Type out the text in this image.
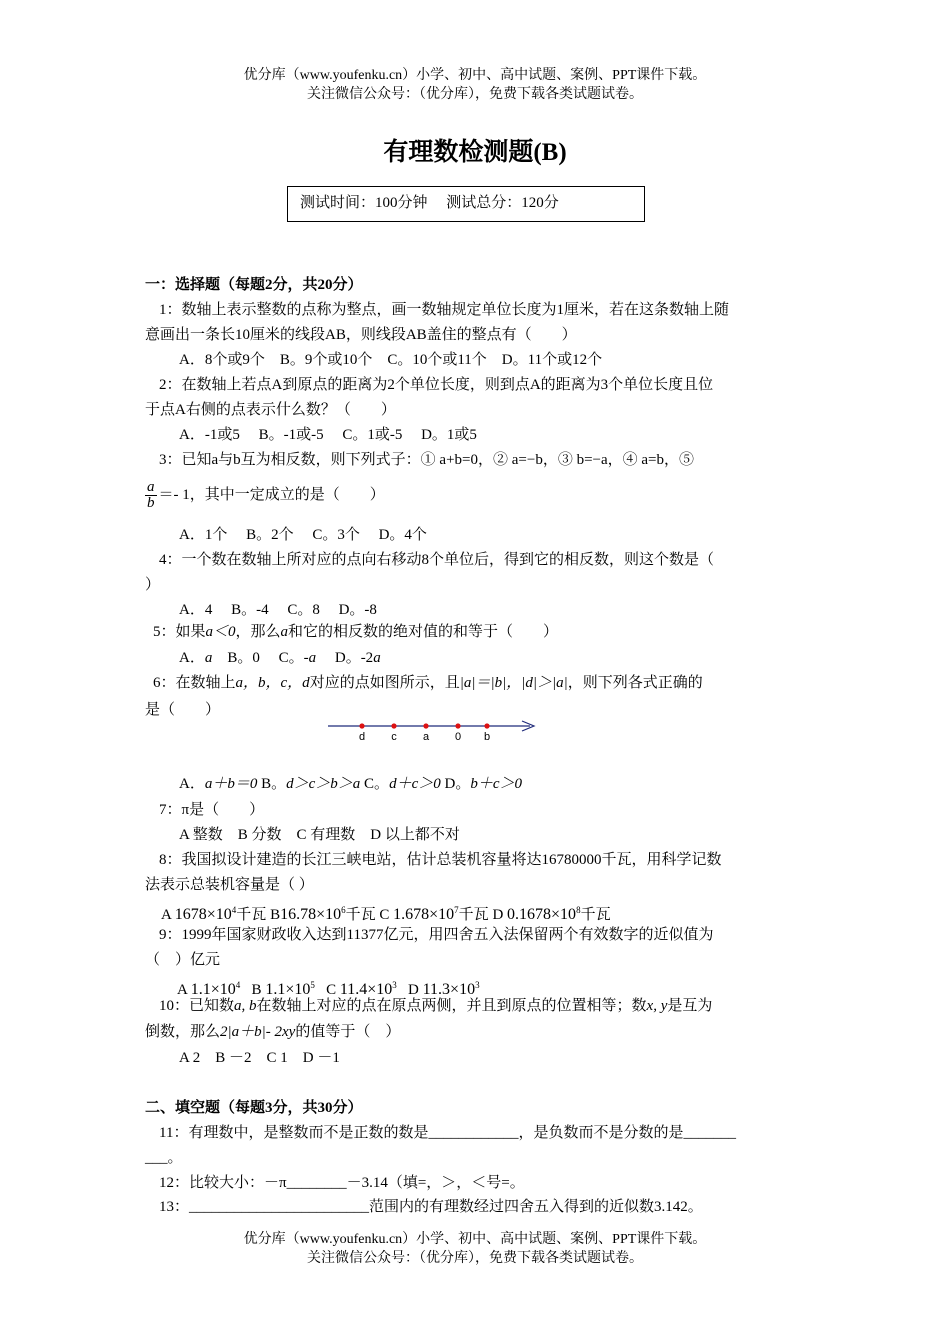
优分库（www.youfenku.cn）小学、初中、高中试题、案例、PPT课件下载。
关注微信公众号：（优分库），免费下载各类试题试卷。
有理数检测题(B)
测试时间：100分钟　 测试总分：120分
一：选择题（每题2分，共20分）
1：数轴上表示整数的点称为整点，画一数轴规定单位长度为1厘米，若在这条数轴上随
意画出一条长10厘米的线段AB，则线段AB盖住的整点有（　　）
A．8个或9个　B。9个或10个　C。10个或11个　D。11个或12个
2：在数轴上若点A到原点的距离为2个单位长度，则到点A的距离为3个单位长度且位
于点A右侧的点表示什么数？（　　）
A．-1或5　 B。-1或-5　 C。1或-5　 D。1或5
3：已知a与b互为相反数，则下列式子：① a+b=0，② a=−b，③ b=−a，④ a=b，⑤
$\frac{a}{b} =- 1$，其中一定成立的是（　　）
A．1个　 B。2个　 C。3个　 D。4个
4：一个数在数轴上所对应的点向右移动8个单位后，得到它的相反数，则这个数是（
）
A．4　 B。-4　 C。8　 D。-8
5：如果a＜0，那么a和它的相反数的绝对值的和等于（　　）
A．a　B。0　 C。-a　 D。-2a
6：在数轴上a，b，c，d对应的点如图所示，且|a|＝|b|，|d|＞|a|，则下列各式正确的
是（　　）
A．a＋b＝0 B。d＞c＞b＞a C。d＋c＞0 D。b＋c＞0
7：π是（　　）
A 整数　B 分数　C 有理数　D 以上都不对
8：我国拟设计建造的长江三峡电站，估计总装机容量将达16780000千瓦，用科学记数
法表示总装机容量是（ ）
A $1678\times 10^4$千瓦 $B16.78\times 10^6$千瓦 C $1.678\times 10^7$千瓦 D $0.1678\times 10^8$千瓦
9：1999年国家财政收入达到11377亿元，用四舍五入法保留两个有效数字的近似值为
（　）亿元
A $1.1\times 10^4$ B $1.1\times 10^5$ C $11.4\times 10^3$ D $11.3\times 10^3$
10：已知数a, b在数轴上对应的点在原点两侧，并且到原点的位置相等；数x, y是互为
倒数，那么2|a＋b|- 2xy的值等于（　）
A 2　B －2　C 1　D －1
二、填空题（每题3分，共30分）
11：有理数中，是整数而不是正数的数是____________，是负数而不是分数的是_______
___。
12：比较大小：－π________－3.14（填=，＞，＜号=。
13：________________________范围内的有理数经过四舍五入得到的近似数3.142。
d c a 0 b
优分库（www.youfenku.cn）小学、初中、高中试题、案例、PPT课件下载。
关注微信公众号：（优分库），免费下载各类试题试卷。
